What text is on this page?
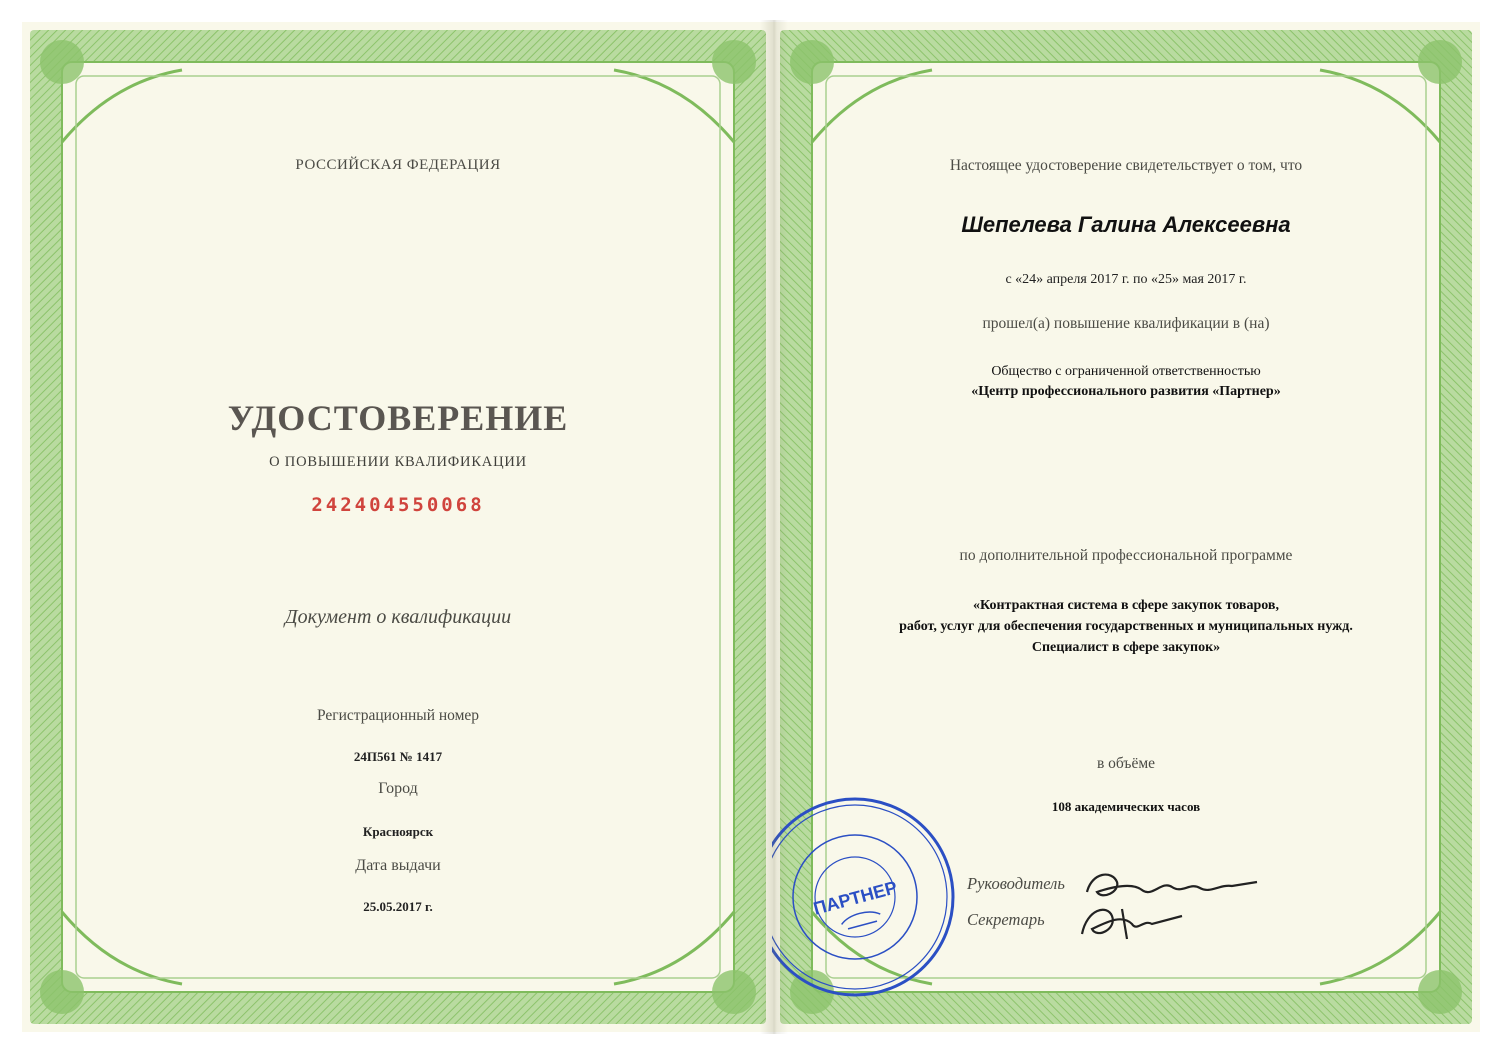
РОССИЙСКАЯ ФЕДЕРАЦИЯ
УДОСТОВЕРЕНИЕ
О ПОВЫШЕНИИ КВАЛИФИКАЦИИ
242404550068
Документ о квалификации
Регистрационный номер
24П561 № 1417
Город
Красноярск
Дата выдачи
25.05.2017 г.
Настоящее удостоверение свидетельствует о том, что
Шепелева Галина Алексеевна
с «24» апреля 2017 г. по «25» мая 2017 г.
прошел(а) повышение квалификации в (на)
Общество с ограниченной ответственностью
«Центр профессионального развития «Партнер»
по дополнительной профессиональной программе
«Контрактная система в сфере закупок товаров,
работ, услуг для обеспечения государственных и муниципальных нужд.
Специалист в сфере закупок»
в объёме
108 академических часов
Руководитель
Секретарь
ПАРТНЕР
